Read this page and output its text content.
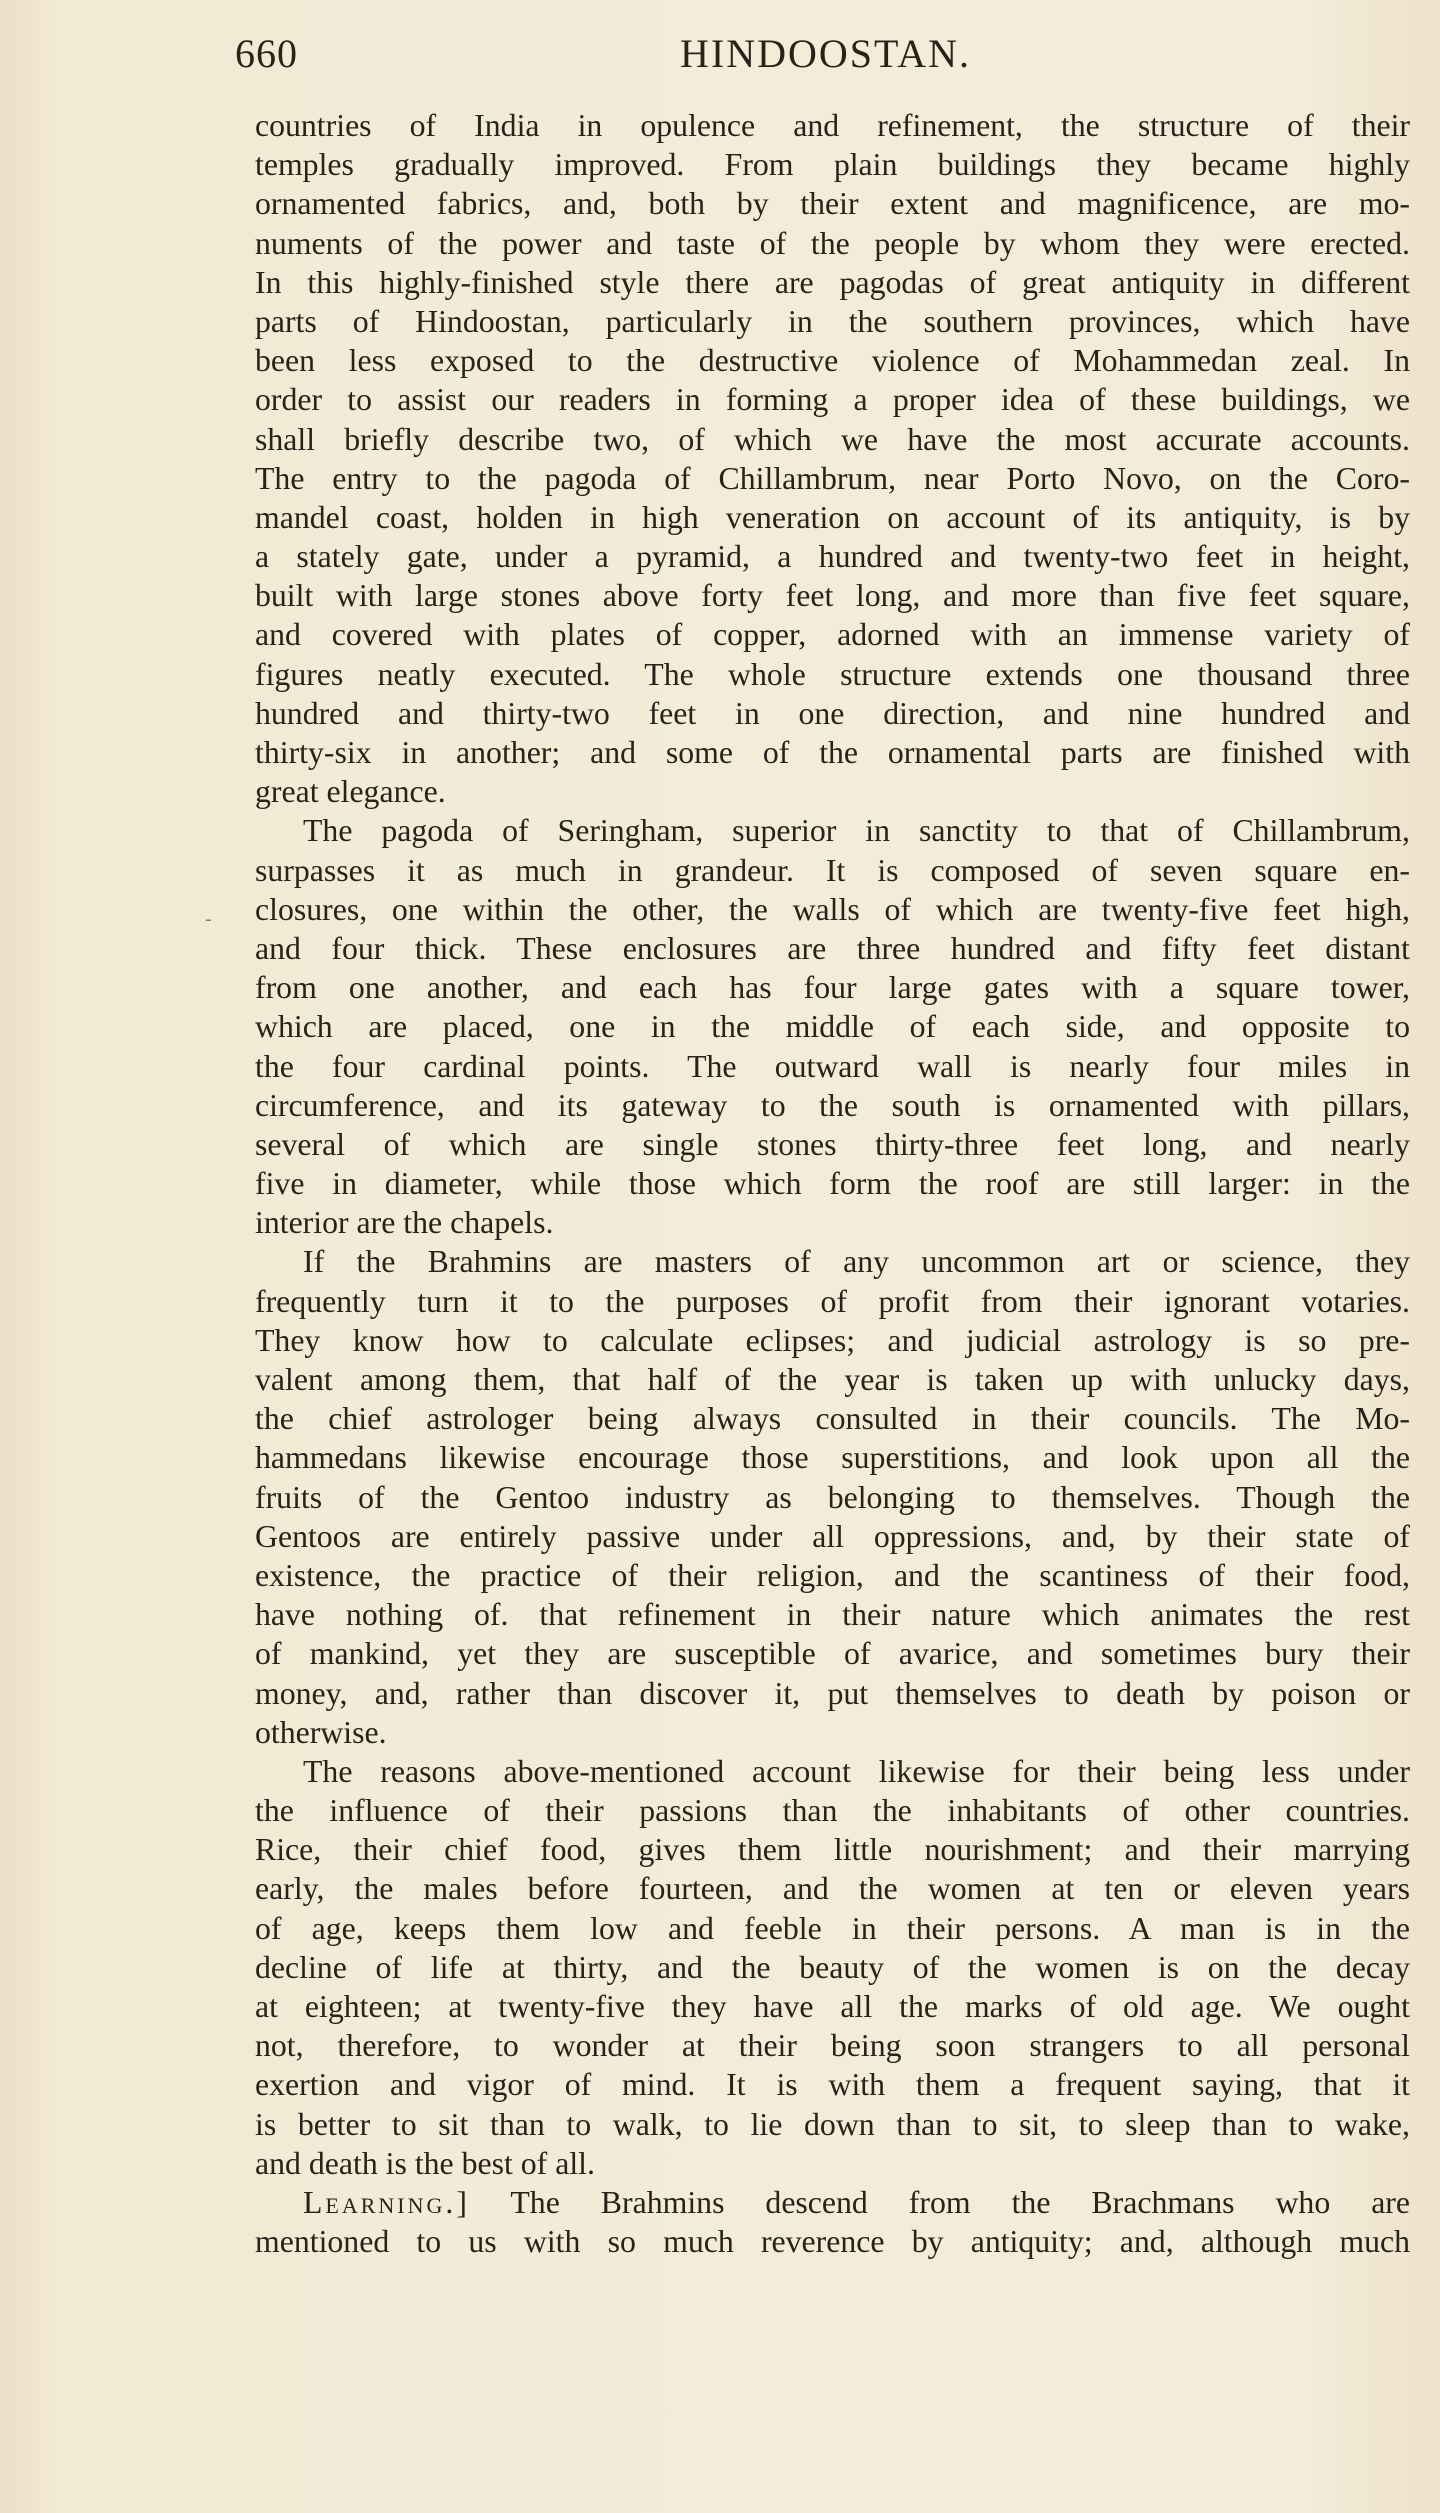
660	HINDOOSTAN.
-
countries of India in opulence and refinement, the structure of their
temples gradually improved. From plain buildings they became highly
ornamented fabrics, and, both by their extent and magnificence, are mo-
numents of the power and taste of the people by whom they were erected.
In this highly-finished style there are pagodas of great antiquity in different
parts of Hindoostan, particularly in the southern provinces, which have
been less exposed to the destructive violence of Mohammedan zeal. In
order to assist our readers in forming a proper idea of these buildings, we
shall briefly describe two, of which we have the most accurate accounts.
The entry to the pagoda of Chillambrum, near Porto Novo, on the Coro-
mandel coast, holden in high veneration on account of its antiquity, is by
a stately gate, under a pyramid, a hundred and twenty-two feet in height,
built with large stones above forty feet long, and more than five feet square,
and covered with plates of copper, adorned with an immense variety of
figures neatly executed. The whole structure extends one thousand three
hundred and thirty-two feet in one direction, and nine hundred and
thirty-six in another; and some of the ornamental parts are finished with
great elegance.
The pagoda of Seringham, superior in sanctity to that of Chillambrum,
surpasses it as much in grandeur. It is composed of seven square en-
closures, one within the other, the walls of which are twenty-five feet high,
and four thick. These enclosures are three hundred and fifty feet distant
from one another, and each has four large gates with a square tower,
which are placed, one in the middle of each side, and opposite to
the four cardinal points. The outward wall is nearly four miles in
circumference, and its gateway to the south is ornamented with pillars,
several of which are single stones thirty-three feet long, and nearly
five in diameter, while those which form the roof are still larger: in the
interior are the chapels.
If the Brahmins are masters of any uncommon art or science, they
frequently turn it to the purposes of profit from their ignorant votaries.
They know how to calculate eclipses; and judicial astrology is so pre-
valent among them, that half of the year is taken up with unlucky days,
the chief astrologer being always consulted in their councils. The Mo-
hammedans likewise encourage those superstitions, and look upon all the
fruits of the Gentoo industry as belonging to themselves. Though the
Gentoos are entirely passive under all oppressions, and, by their state of
existence, the practice of their religion, and the scantiness of their food,
have nothing of. that refinement in their nature which animates the rest
of mankind, yet they are susceptible of avarice, and sometimes bury their
money, and, rather than discover it, put themselves to death by poison or
otherwise.
The reasons above-mentioned account likewise for their being less under
the influence of their passions than the inhabitants of other countries.
Rice, their chief food, gives them little nourishment; and their marrying
early, the males before fourteen, and the women at ten or eleven years
of age, keeps them low and feeble in their persons. A man is in the
decline of life at thirty, and the beauty of the women is on the decay
at eighteen; at twenty-five they have all the marks of old age. We ought
not, therefore, to wonder at their being soon strangers to all personal
exertion and vigor of mind. It is with them a frequent saying, that it
is better to sit than to walk, to lie down than to sit, to sleep than to wake,
and death is the best of all.
Learning.] The Brahmins descend from the Brachmans who are
mentioned to us with so much reverence by antiquity; and, although much
